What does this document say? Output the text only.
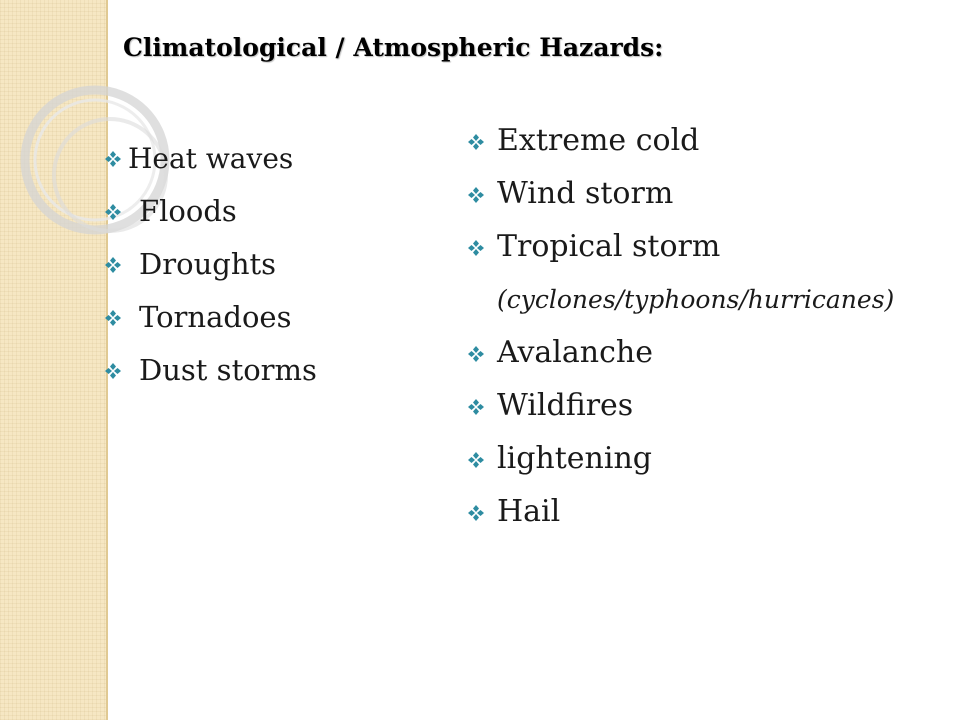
Climatological / Atmospheric Hazards:
Heat waves
Floods
Droughts
Tornadoes
Dust storms
Extreme cold
Wind storm
Tropical storm
(cyclones/typhoons/hurricanes)
Avalanche
Wildfires
lightening
Hail
